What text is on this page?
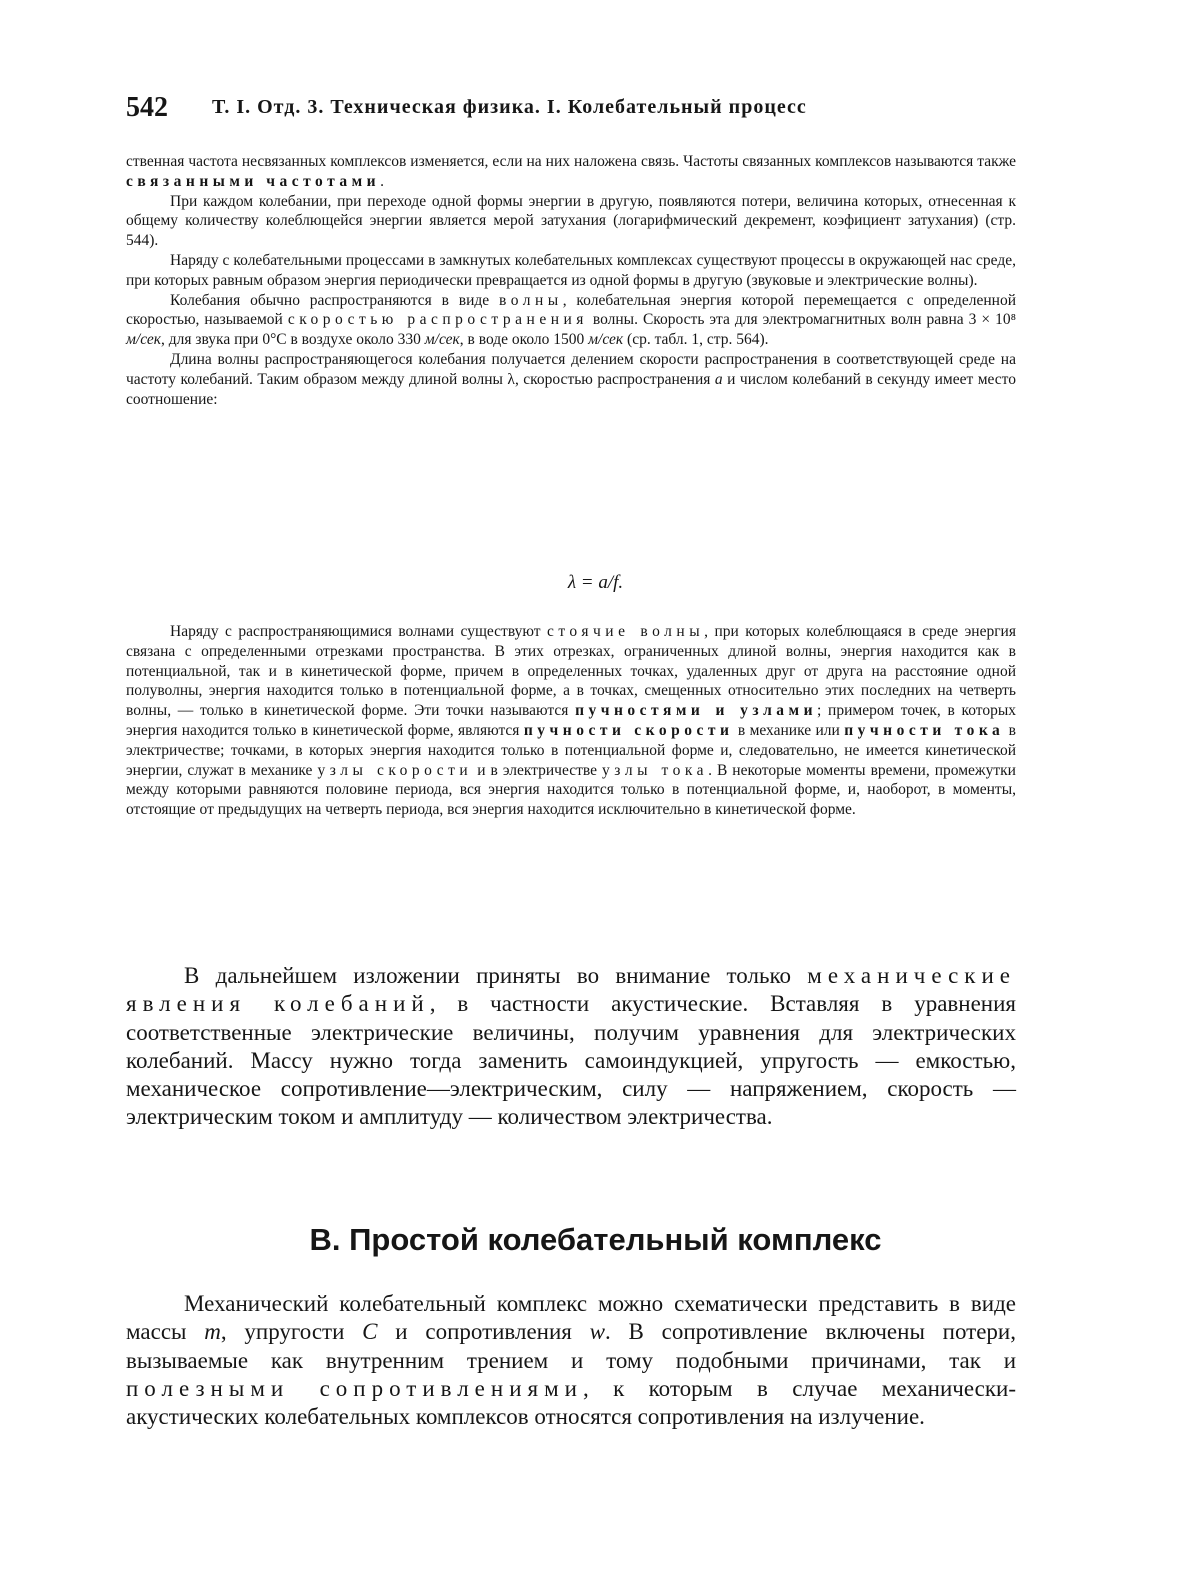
542 Т. I. Отд. 3. Техническая физика. I. Колебательный процесс

ственная частота несвязанных комплексов изменяется, если на них наложена связь. Частоты связанных комплексов называются также связанными частотами.

При каждом колебании, при переходе одной формы энергии в другую, появляются потери, величина которых, отнесенная к общему количеству колеблющейся энергии является мерой затухания (логарифмический декремент, коэфициент затухания) (стр. 544).

Наряду с колебательными процессами в замкнутых колебательных комплексах существуют процессы в окружающей нас среде, при которых равным образом энергия периодически превращается из одной формы в другую (звуковые и электрические волны).

Колебания обычно распространяются в виде волны, колебательная энергия которой перемещается с определенной скоростью, называемой скоростью распространения волны. Скорость эта для электромагнитных волн равна 3 × 10⁸ м/сек, для звука при 0°С в воздухе около 330 м/сек, в воде около 1500 м/сек (ср. табл. 1, стр. 564).

Длина волны распространяющегося колебания получается делением скорости распространения в соответствующей среде на частоту колебаний. Таким образом между длиной волны λ, скоростью распространения a и числом колебаний в секунду имеет место соотношение:

λ = a/f.

Наряду с распространяющимися волнами существуют стоячие волны, при которых колеблющаяся в среде энергия связана с определенными отрезками пространства. В этих отрезках, ограниченных длиной волны, энергия находится как в потенциальной, так и в кинетической форме, причем в определенных точках, удаленных друг от друга на расстояние одной полуволны, энергия находится только в потенциальной форме, а в точках, смещенных относительно этих последних на четверть волны, — только в кинетической форме. Эти точки называются пучностями и узлами; примером точек, в которых энергия находится только в кинетической форме, являются пучности скорости в механике или пучности тока в электричестве; точками, в которых энергия находится только в потенциальной форме и, следовательно, не имеется кинетической энергии, служат в механике узлы скорости и в электричестве узлы тока. В некоторые моменты времени, промежутки между которыми равняются половине периода, вся энергия находится только в потенциальной форме, и, наоборот, в моменты, отстоящие от предыдущих на четверть периода, вся энергия находится исключительно в кинетической форме.

В дальнейшем изложении приняты во внимание только механические явления колебаний, в частности акустические. Вставляя в уравнения соответственные электрические величины, получим уравнения для электрических колебаний. Массу нужно тогда заменить самоиндукцией, упругость — емкостью, механическое сопротивление—электрическим, силу — напряжением, скорость — электрическим током и амплитуду — количеством электричества.

В. Простой колебательный комплекс

Механический колебательный комплекс можно схематически представить в виде массы m, упругости C и сопротивления w. В сопротивление включены потери, вызываемые как внутренним трением и тому подобными причинами, так и полезными сопротивлениями, к которым в случае механически-акустических колебательных комплексов относятся сопротивления на излучение.
